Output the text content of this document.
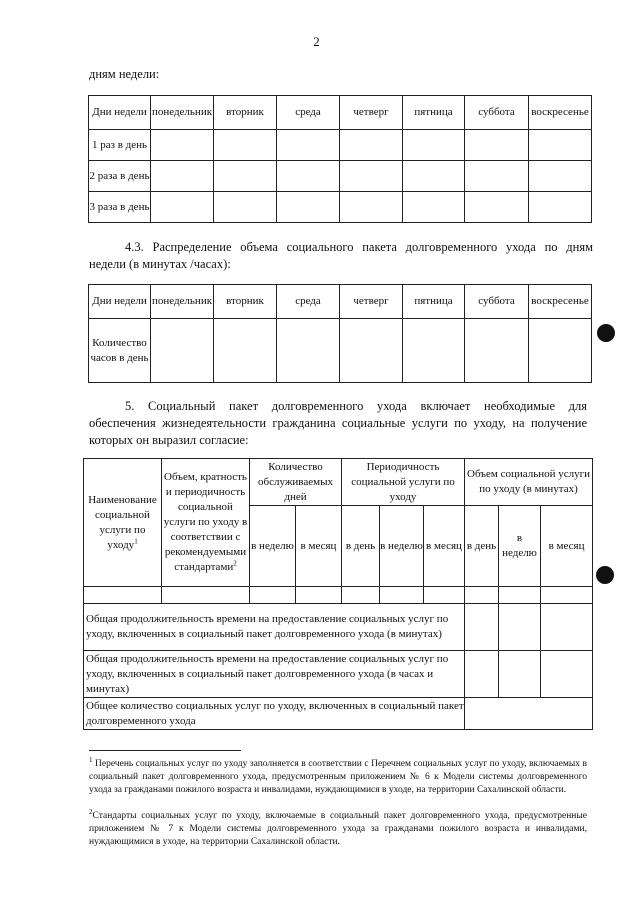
2
дням недели:
Дни недели	понедельник	вторник	среда	четверг	пятница	суббота	воскресенье
1 раз в день							
2 раза в день							
3 раза в день							
4.3. Распределение объема социального пакета долговременного ухода по дням
недели (в минутах /часах):
Дни недели	понедельник	вторник	среда	четверг	пятница	суббота	воскресенье
Количество часов в день							
5. Социальный пакет долговременного ухода включает необходимые для
обеспечения жизнедеятельности гражданина социальные услуги по уходу, на получение
которых он выразил согласие:
Наименование социальной услуги по уходу$^1$	Объем, кратность и периодичность социальной услуги по уходу в соответствии с рекомендуемыми стандартами$^2$	Количество обслуживаемых дней		Периодичность социальной услуги по уходу			Объем социальной услуги по уходу (в минутах)		
		в неделю	в месяц	в день	в неделю	в месяц	в день	в неделю	в месяц

Общая продолжительность времени на предоставление социальных услуг по уходу, включенных в социальный пакет долговременного ухода (в минутах)									
Общая продолжительность времени на предоставление социальных услуг по уходу, включенных в социальный пакет долговременного ухода (в часах и минутах)									
Общее количество социальных услуг по уходу, включенных в социальный пакет долговременного ухода									
$^1$ Перечень социальных услуг по уходу заполняется в соответствии с Перечнем социальных услуг по уходу, включаемых в социальный пакет долговременного ухода, предусмотренным приложением № 6 к Модели системы долговременного ухода за гражданами пожилого возраста и инвалидами, нуждающимися в уходе, на территории Сахалинской области.
$^2$Стандарты социальных услуг по уходу, включаемые в социальный пакет долговременного ухода, предусмотренные приложением № 7 к Модели системы долговременного ухода за гражданами пожилого возраста и инвалидами, нуждающимися в уходе, на территории Сахалинской области.
